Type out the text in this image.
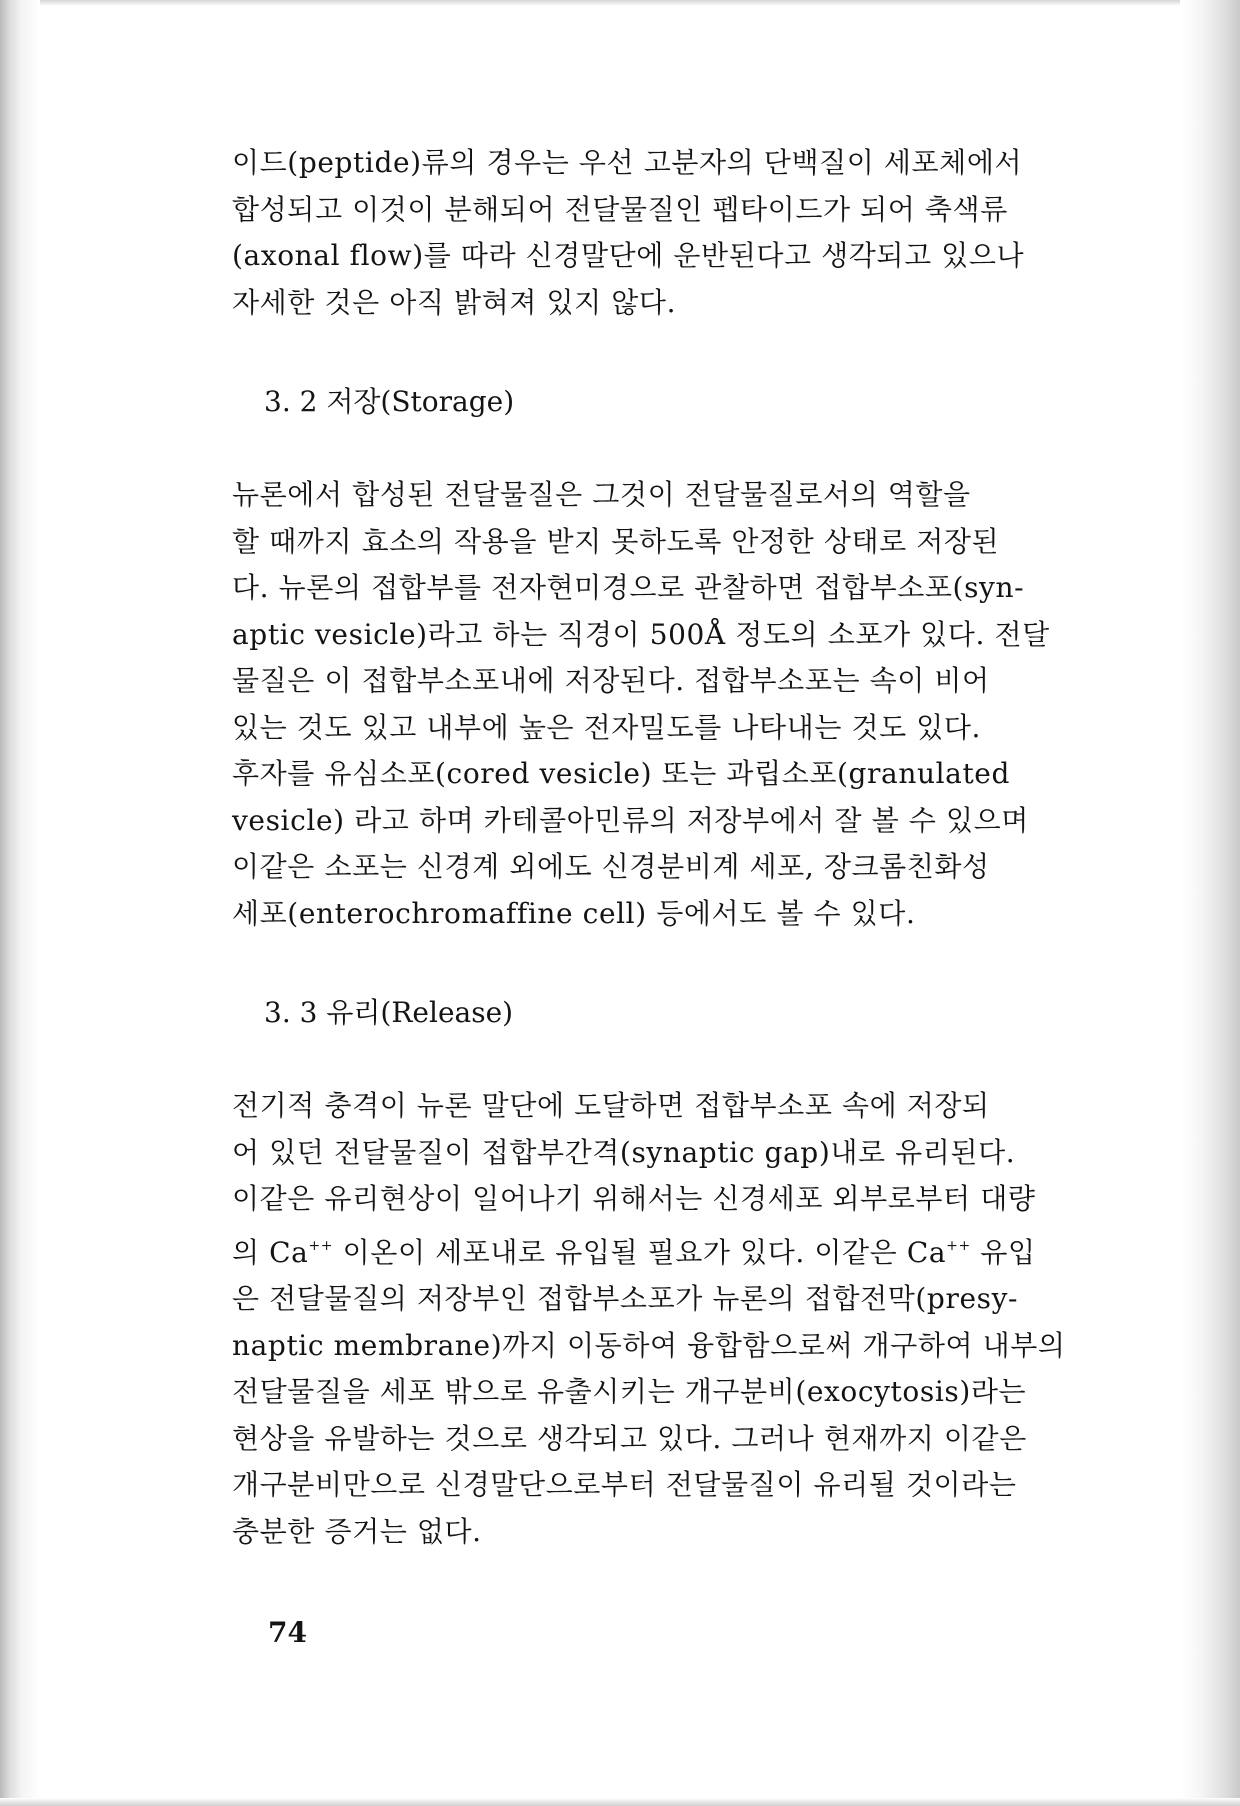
이드(peptide)류의 경우는 우선 고분자의 단백질이 세포체에서
합성되고 이것이 분해되어 전달물질인 펩타이드가 되어 축색류
(axonal flow)를 따라 신경말단에 운반된다고 생각되고 있으나
자세한 것은 아직 밝혀져 있지 않다.

3. 2 저장(Storage)

뉴론에서 합성된 전달물질은 그것이 전달물질로서의 역할을
할 때까지 효소의 작용을 받지 못하도록 안정한 상태로 저장된
다. 뉴론의 접합부를 전자현미경으로 관찰하면 접합부소포(syn-
aptic vesicle)라고 하는 직경이 500Å 정도의 소포가 있다. 전달
물질은 이 접합부소포내에 저장된다. 접합부소포는 속이 비어
있는 것도 있고 내부에 높은 전자밀도를 나타내는 것도 있다.
후자를 유심소포(cored vesicle) 또는 과립소포(granulated
vesicle) 라고 하며 카테콜아민류의 저장부에서 잘 볼 수 있으며
이같은 소포는 신경계 외에도 신경분비계 세포, 장크롬친화성
세포(enterochromaffine cell) 등에서도 볼 수 있다.

3. 3 유리(Release)

전기적 충격이 뉴론 말단에 도달하면 접합부소포 속에 저장되
어 있던 전달물질이 접합부간격(synaptic gap)내로 유리된다.
이같은 유리현상이 일어나기 위해서는 신경세포 외부로부터 대량
의 Ca++ 이온이 세포내로 유입될 필요가 있다. 이같은 Ca++ 유입
은 전달물질의 저장부인 접합부소포가 뉴론의 접합전막(presy-
naptic membrane)까지 이동하여 융합함으로써 개구하여 내부의
전달물질을 세포 밖으로 유출시키는 개구분비(exocytosis)라는
현상을 유발하는 것으로 생각되고 있다. 그러나 현재까지 이같은
개구분비만으로 신경말단으로부터 전달물질이 유리될 것이라는
충분한 증거는 없다.

74
